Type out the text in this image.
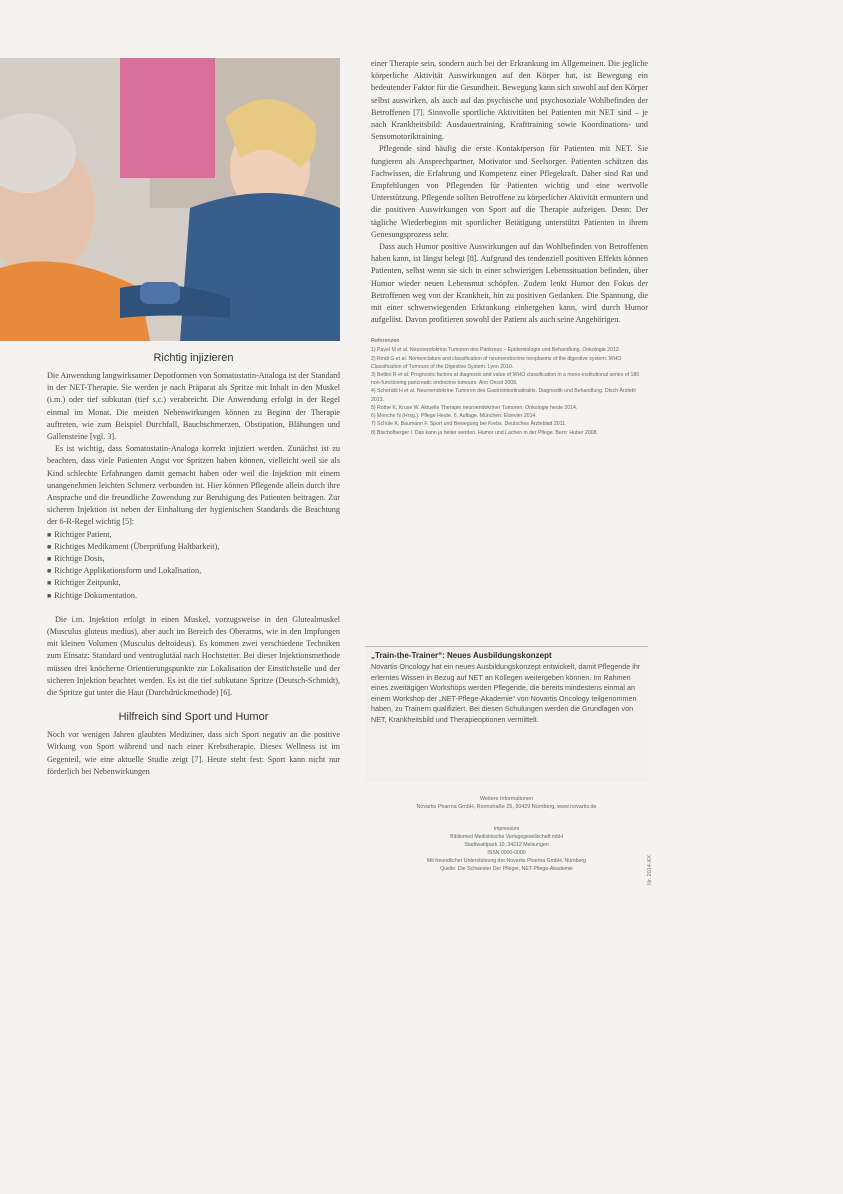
Richtig injizieren

Die Anwendung langwirksamer Depotformen von Somatostatin-Analoga ist der Standard in der NET-Therapie. Sie werden je nach Präparat als Spritze mit Inhalt in den Muskel (i.m.) oder tief subkutan (tief s.c.) verabreicht. Die Anwendung erfolgt in der Regel einmal im Monat. Die meisten Nebenwirkungen können zu Beginn der Therapie auftreten, wie zum Beispiel Durchfall, Bauchschmerzen, Obstipation, Blähungen und Gallensteine [vgl. 3].

Es ist wichtig, dass Somatostatin-Analoga korrekt injiziert werden. Zunächst ist zu beachten, dass viele Patienten Angst vor Spritzen haben können, vielleicht weil sie als Kind schlechte Erfahrungen damit gemacht haben oder weil die Injektion mit einem unangenehmen leichten Schmerz verbunden ist. Hier können Pflegende allein durch ihre Ansprache und die freundliche Zuwendung zur Beruhigung des Patienten beitragen. Zur sicheren Injektion ist neben der Einhaltung der hygienischen Standards die Beachtung der 6-R-Regel wichtig [5]:

■ Richtiger Patient,
■ Richtiges Medikament (Überprüfung Haltbarkeit),
■ Richtige Dosis,
■ Richtige Applikationsform und Lokalisation,
■ Richtiger Zeitpunkt,
■ Richtige Dokumentation.

Die i.m. Injektion erfolgt in einen Muskel, vorzugsweise in den Glutealmuskel (Musculus gluteus medius), aber auch im Bereich des Oberarms, wie in den Impfungen mit kleinen Volumen (Musculus deltoideus). Es kommen zwei verschiedene Techniken zum Einsatz: Standard und ventroglutäal nach Hochstetter. Bei dieser Injektionsmethode müssen drei knöcherne Orientierungspunkte zur Lokalisation der Einstichstelle und der sicheren Injektion beachtet werden. Es ist die tief subkutane Spritze (Deutsch-Schmidt), die Spritze gut unter die Haut (Durchdrückmethode) [6].

Hilfreich sind Sport und Humor

Noch vor wenigen Jahren glaubten Mediziner, dass sich Sport negativ an die positive Wirkung von Sport während und nach einer Krebstherapie. Dieses Wellness ist im Gegenteil, wie eine aktuelle Studie zeigt [7]. Heute steht fest: Sport kann nicht nur förderlich bei Nebenwirkungen

einer Therapie sein, sondern auch bei der Erkrankung im Allgemeinen. Die jegliche körperliche Aktivität Auswirkungen auf den Körper hat, ist Bewegung ein bedeutender Faktor für die Gesundheit. Bewegung kann sich sowohl auf den Körper selbst auswirken, als auch auf das psychische und psychosoziale Wohlbefinden der Betroffenen [7]. Sinnvolle sportliche Aktivitäten bei Patienten mit NET sind – je nach Krankheitsbild: Ausdauertraining, Krafttraining sowie Koordinations- und Sensomotoriktraining.

Pflegende sind häufig die erste Kontaktperson für Patienten mit NET. Sie fungieren als Ansprechpartner, Motivator und Seelsorger. Patienten schätzen das Fachwissen, die Erfahrung und Kompetenz einer Pflegekraft. Daher sind Rat und Empfehlungen von Pflegenden für Patienten wichtig und eine wertvolle Unterstützung. Pflegende sollten Betroffene zu körperlicher Aktivität ermuntern und die positiven Auswirkungen von Sport auf die Therapie aufzeigen. Denn: Der tägliche Wiederbeginn mit sportlicher Betätigung unterstützt Patienten in ihrem Genesungsprozess sehr.

Dass auch Humor positive Auswirkungen auf das Wohlbefinden von Betroffenen haben kann, ist längst belegt [8]. Aufgrund des tendenziell positiven Effekts können Patienten, selbst wenn sie sich in einer schwierigen Lebenssituation befinden, über Humor wieder neuen Lebensmut schöpfen. Zudem lenkt Humor den Fokus der Betroffenen weg von der Krankheit, hin zu positiven Gedanken. Die Spannung, die mit einer schwerwiegenden Erkrankung einhergehen kann, wird durch Humor aufgelöst. Davon profitieren sowohl der Patient als auch seine Angehörigen.

Referenzen
1) Pavel M et al. Neuroendokrine Tumoren des Pankreas – Epidemiologie und Behandlung. Onkologie 2012.
2) Rindi G et al. Nomenclature and classification of neuroendocrine neoplasms of the digestive system. WHO Classification of Tumours of the Digestive System. Lyon 2010.
3) Bettini R et al. Prognostic factors at diagnosis and value of WHO classification in a mono-institutional series of 180 non-functioning pancreatic endocrine tumours. Ann Oncol 2008.
4) Scherübl H et al. Neuroendokrine Tumoren des Gastrointestinaltrakts. Diagnostik und Behandlung. Dtsch Ärztebl 2013.
5) Rothe K, Kruse W. Aktuelle Therapie neuroendokriner Tumoren. Onkologie heute 2014.
6) Menche N (Hrsg.). Pflege Heute. 6. Auflage. München: Elsevier 2014.
7) Schüle K, Baumann F. Sport und Bewegung bei Krebs. Deutsches Ärzteblatt 2011.
8) Bischofberger I. Das kann ja heiter werden. Humor und Lachen in der Pflege. Bern: Huber 2008.
„Train-the-Trainer“: Neues Ausbildungskonzept

Novartis Oncology hat ein neues Ausbildungskonzept entwickelt, damit Pflegende ihr erlerntes Wissen in Bezug auf NET an Kollegen weitergeben können. Im Rahmen eines zweitägigen Workshops werden Pflegende, die bereits mindestens einmal an einem Workshop der „NET-Pflege-Akademie“ von Novartis Oncology teilgenommen haben, zu Trainern qualifiziert. Bei diesen Schulungen werden die Grundlagen von NET, Krankheitsbild und Therapieoptionen vermittelt.

Weitere Informationen
Novartis Pharma GmbH, Roonstraße 25, 90429 Nürnberg, www.novartis.de
Impressum
Bibliomed Medizinische Verlagsgesellschaft mbH
Stadtwaldpark 10, 34212 Melsungen
ISSN 0000-0000
Mit freundlicher Unterstützung der Novartis Pharma GmbH, Nürnberg
Quelle: Die Schwester Der Pfleger, NET-Pflege-Akademie	Nr. 2014-XX
